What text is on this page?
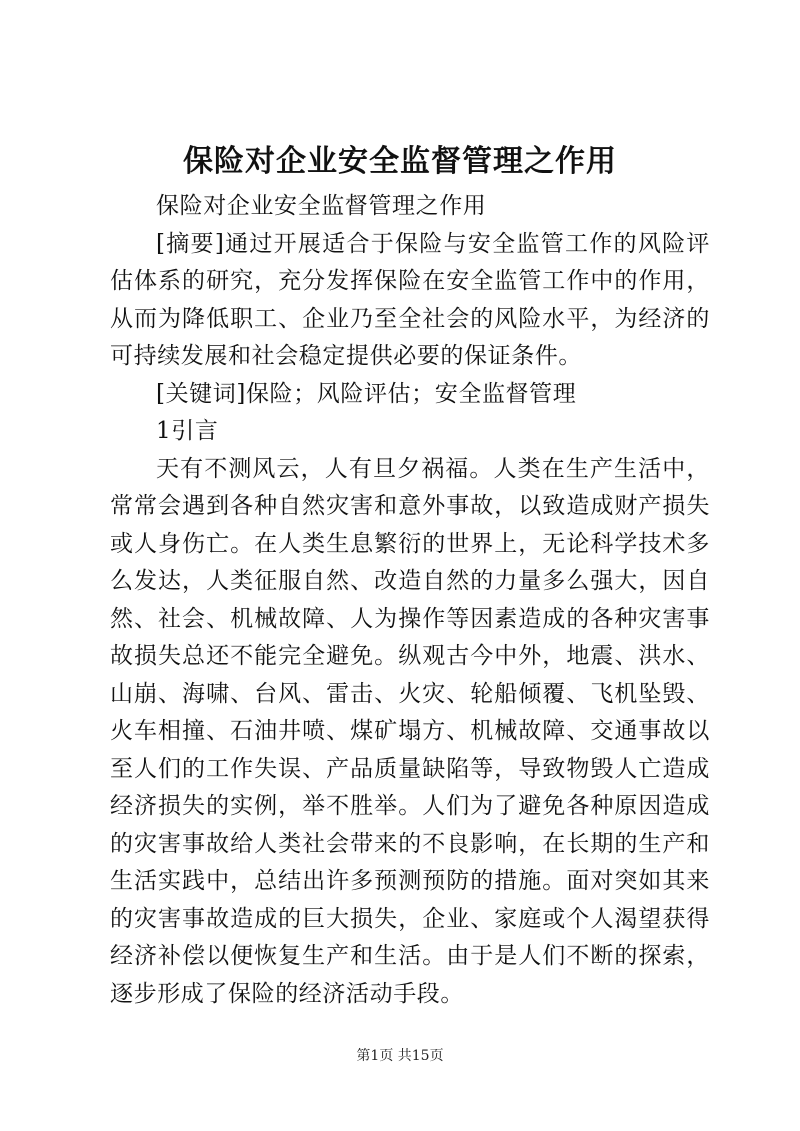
保险对企业安全监督管理之作用

保险对企业安全监督管理之作用

[摘要]通过开展适合于保险与安全监管工作的风险评估体系的研究，充分发挥保险在安全监管工作中的作用，从而为降低职工、企业乃至全社会的风险水平，为经济的可持续发展和社会稳定提供必要的保证条件。

[关键词]保险；风险评估；安全监督管理

1引言

天有不测风云，人有旦夕祸福。人类在生产生活中，常常会遇到各种自然灾害和意外事故，以致造成财产损失或人身伤亡。在人类生息繁衍的世界上，无论科学技术多么发达，人类征服自然、改造自然的力量多么强大，因自然、社会、机械故障、人为操作等因素造成的各种灾害事故损失总还不能完全避免。纵观古今中外，地震、洪水、山崩、海啸、台风、雷击、火灾、轮船倾覆、飞机坠毁、火车相撞、石油井喷、煤矿塌方、机械故障、交通事故以至人们的工作失误、产品质量缺陷等，导致物毁人亡造成经济损失的实例，举不胜举。人们为了避免各种原因造成的灾害事故给人类社会带来的不良影响，在长期的生产和生活实践中，总结出许多预测预防的措施。面对突如其来的灾害事故造成的巨大损失，企业、家庭或个人渴望获得经济补偿以便恢复生产和生活。由于是人们不断的探索，逐步形成了保险的经济活动手段。

第1页 共15页
